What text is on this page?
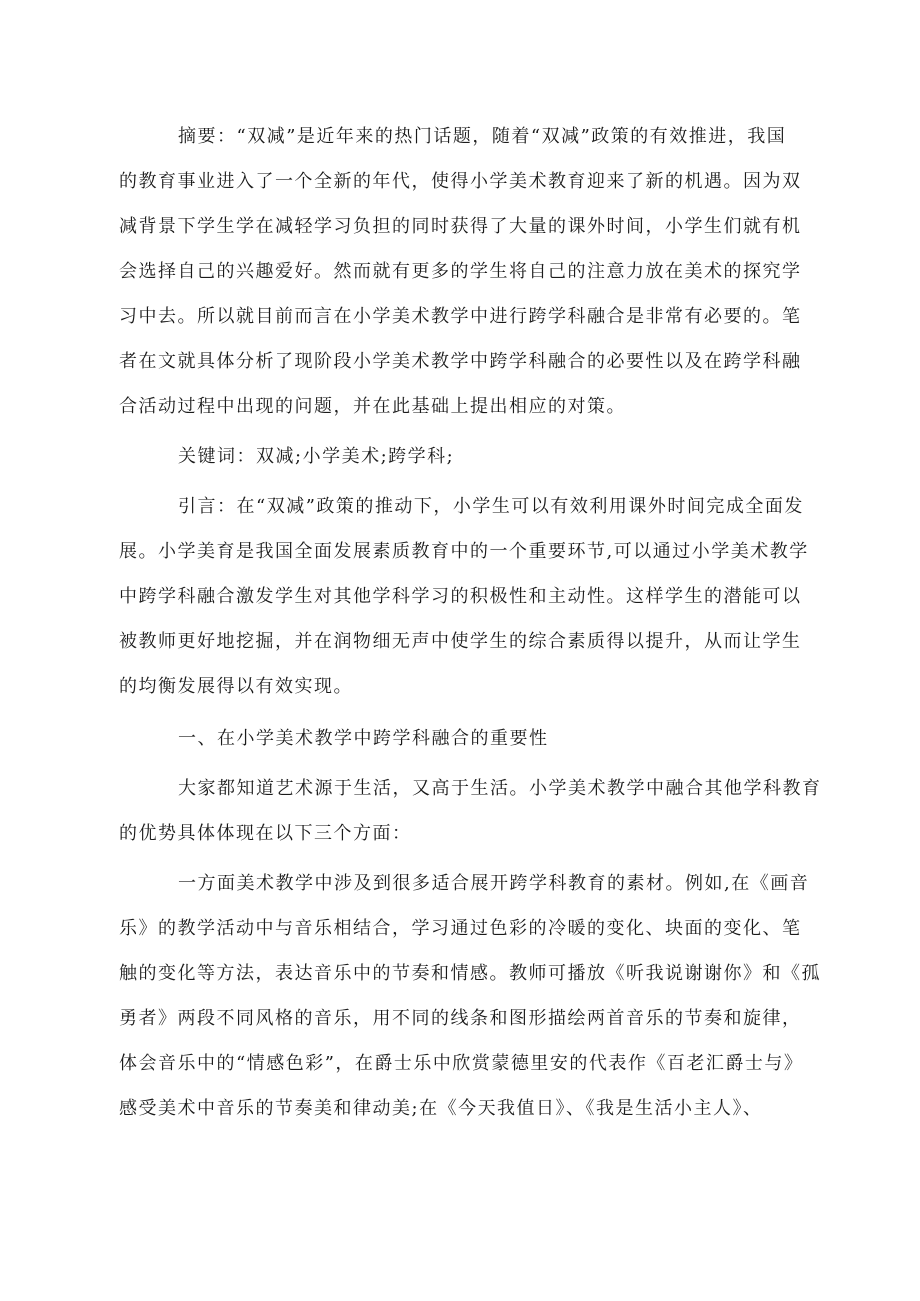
摘要：“双减”是近年来的热门话题，随着“双减”政策的有效推进，我国
的教育事业进入了一个全新的年代，使得小学美术教育迎来了新的机遇。因为双
减背景下学生学在减轻学习负担的同时获得了大量的课外时间，小学生们就有机
会选择自己的兴趣爱好。然而就有更多的学生将自己的注意力放在美术的探究学
习中去。所以就目前而言在小学美术教学中进行跨学科融合是非常有必要的。笔
者在文就具体分析了现阶段小学美术教学中跨学科融合的必要性以及在跨学科融
合活动过程中出现的问题，并在此基础上提出相应的对策。
关键词：双减;小学美术;跨学科;
引言：在“双减”政策的推动下，小学生可以有效利用课外时间完成全面发
展。小学美育是我国全面发展素质教育中的一个重要环节,可以通过小学美术教学
中跨学科融合激发学生对其他学科学习的积极性和主动性。这样学生的潜能可以
被教师更好地挖掘，并在润物细无声中使学生的综合素质得以提升，从而让学生
的均衡发展得以有效实现。
一、在小学美术教学中跨学科融合的重要性
大家都知道艺术源于生活，又高于生活。小学美术教学中融合其他学科教育
的优势具体体现在以下三个方面：
一方面美术教学中涉及到很多适合展开跨学科教育的素材。例如,在《画音
乐》的教学活动中与音乐相结合，学习通过色彩的冷暖的变化、块面的变化、笔
触的变化等方法，表达音乐中的节奏和情感。教师可播放《听我说谢谢你》和《孤
勇者》两段不同风格的音乐，用不同的线条和图形描绘两首音乐的节奏和旋律，
体会音乐中的“情感色彩”，在爵士乐中欣赏蒙德里安的代表作《百老汇爵士与》
感受美术中音乐的节奏美和律动美;在《今天我值日》、《我是生活小主人》、
